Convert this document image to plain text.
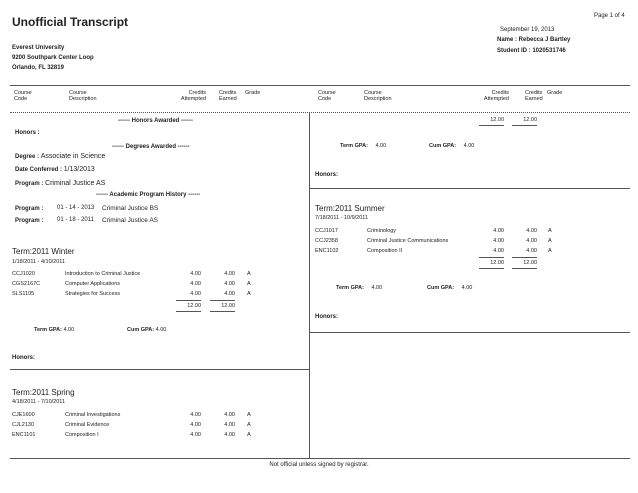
Page 1 of 4
Unofficial Transcript
September 19, 2013
Name : Rebecca J Bartley
Student ID : 1020531746
Everest University
9200 Southpark Center Loop
Orlando, FL 32819
Course
Code
Course
Description
Credits
Attempted
Credits
Earned
Grade	Course
Code
Course
Description
Credits
Attempted
Credits
Earned
Grade
------ Honors Awarded ------
Honors :
------ Degrees Awarded ------
Degree : Associate in Science
Date Conferred : 1/13/2013
Program : Criminal Justice AS
------ Academic Program History ------
Program : 01 - 14 - 2013 Criminal Justice BS
Program : 01 - 18 - 2011 Criminal Justice AS
Term:2011 Winter
1/18/2011 - 4/10/2011
CCJ1020	Introduction to Criminal Justice	4.00	4.00 A
CGS2167C	Computer Applications	4.00	4.00 A
SLS1105	Strategies for Success	4.00	4.00 A
12.00	12.00
Term GPA: 4.00	Cum GPA: 4.00
Honors:
Term:2011 Spring
4/18/2011 - 7/10/2011
CJE1600	Criminal Investigations	4.00	4.00 A
CJL2130	Criminal Evidence	4.00	4.00 A
ENC1101	Composition I	4.00	4.00 A
12.00	12.00
Term GPA: 4.00	Cum GPA: 4.00
Honors:
Term:2011 Summer
7/18/2011 - 10/9/2011
CCJ1017	Criminology	4.00	4.00 A
CCJ2358	Criminal Justice Communications	4.00	4.00 A
ENC1102	Composition II	4.00	4.00 A
12.00	12.00
Term GPA: 4.00	Cum GPA: 4.00
Honors:
Not official unless signed by registrar.
